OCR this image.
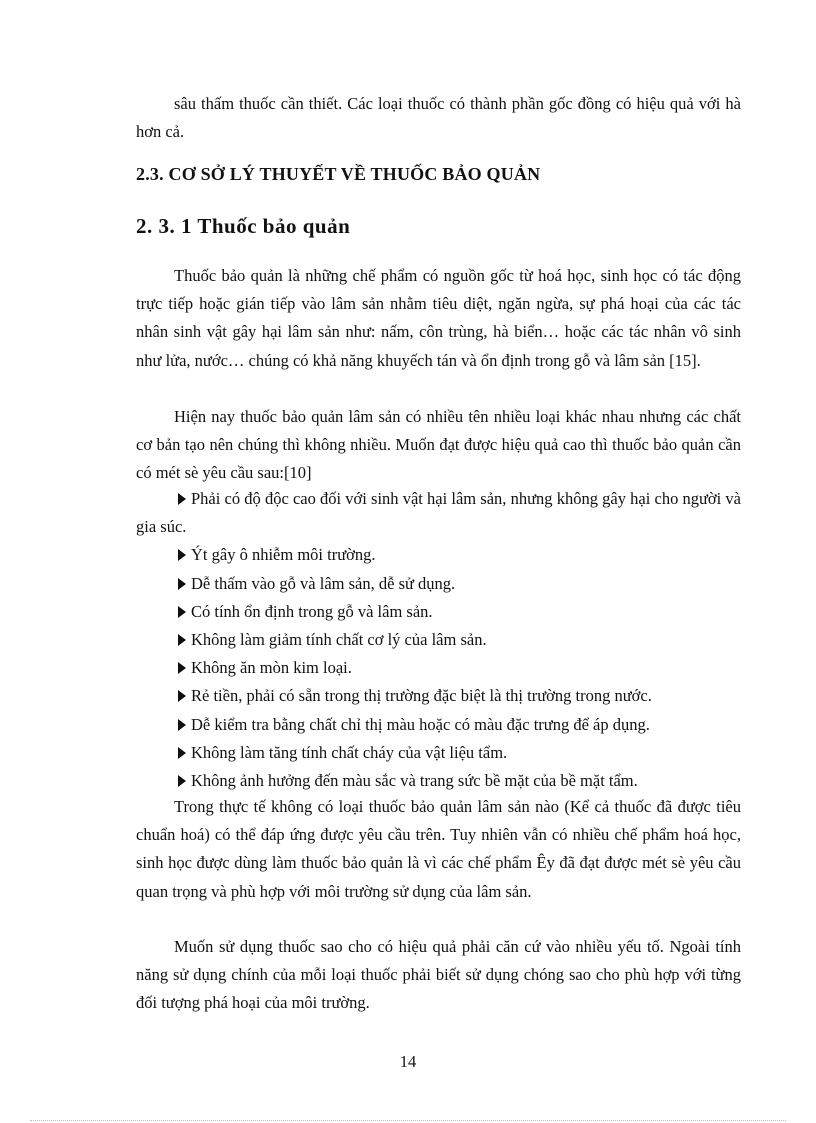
sâu thấm thuốc cần thiết. Các loại thuốc có thành phần gốc đồng có hiệu quả với hà hơn cả.

2.3. CƠ SỞ LÝ THUYẾT VỀ THUỐC BẢO QUẢN
2. 3. 1 Thuốc bảo quản

Thuốc bảo quản là những chế phẩm có nguồn gốc từ hoá học, sinh học có tác động trực tiếp hoặc gián tiếp vào lâm sản nhằm tiêu diệt, ngăn ngừa, sự phá hoại của các tác nhân sinh vật gây hại lâm sản như: nấm, côn trùng, hà biển… hoặc các tác nhân vô sinh như lửa, nước… chúng có khả năng khuyếch tán và ổn định trong gỗ và lâm sản [15].

Hiện nay thuốc bảo quản lâm sản có nhiều tên nhiều loại khác nhau nhưng các chất cơ bản tạo nên chúng thì không nhiều. Muốn đạt được hiệu quả cao thì thuốc bảo quản cần có mét sè yêu cầu sau:[10]

Phải có độ độc cao đối với sinh vật hại lâm sản, nhưng không gây hại cho người và gia súc.
Ýt gây ô nhiễm môi trường.
Dễ thấm vào gỗ và lâm sản, dễ sử dụng.
Có tính ổn định trong gỗ và lâm sản.
Không làm giảm tính chất cơ lý của lâm sản.
Không ăn mòn kim loại.
Rẻ tiền, phải có sẵn trong thị trường đặc biệt là thị trường trong nước.
Dễ kiểm tra bằng chất chỉ thị màu hoặc có màu đặc trưng để áp dụng.
Không làm tăng tính chất cháy của vật liệu tẩm.
Không ảnh hưởng đến màu sắc và trang sức bề mặt của bề mặt tẩm.

Trong thực tế không có loại thuốc bảo quản lâm sản nào (Kể cả thuốc đã được tiêu chuẩn hoá) có thể đáp ứng được yêu cầu trên. Tuy nhiên vẫn có nhiều chế phẩm hoá học, sinh học được dùng làm thuốc bảo quản là vì các chế phẩm Êy đã đạt được mét sè yêu cầu quan trọng và phù hợp với môi trường sử dụng của lâm sản.

Muốn sử dụng thuốc sao cho có hiệu quả phải căn cứ vào nhiều yếu tố. Ngoài tính năng sử dụng chính của mỗi loại thuốc phải biết sử dụng chóng sao cho phù hợp với từng đối tượng phá hoại của môi trường.

14
